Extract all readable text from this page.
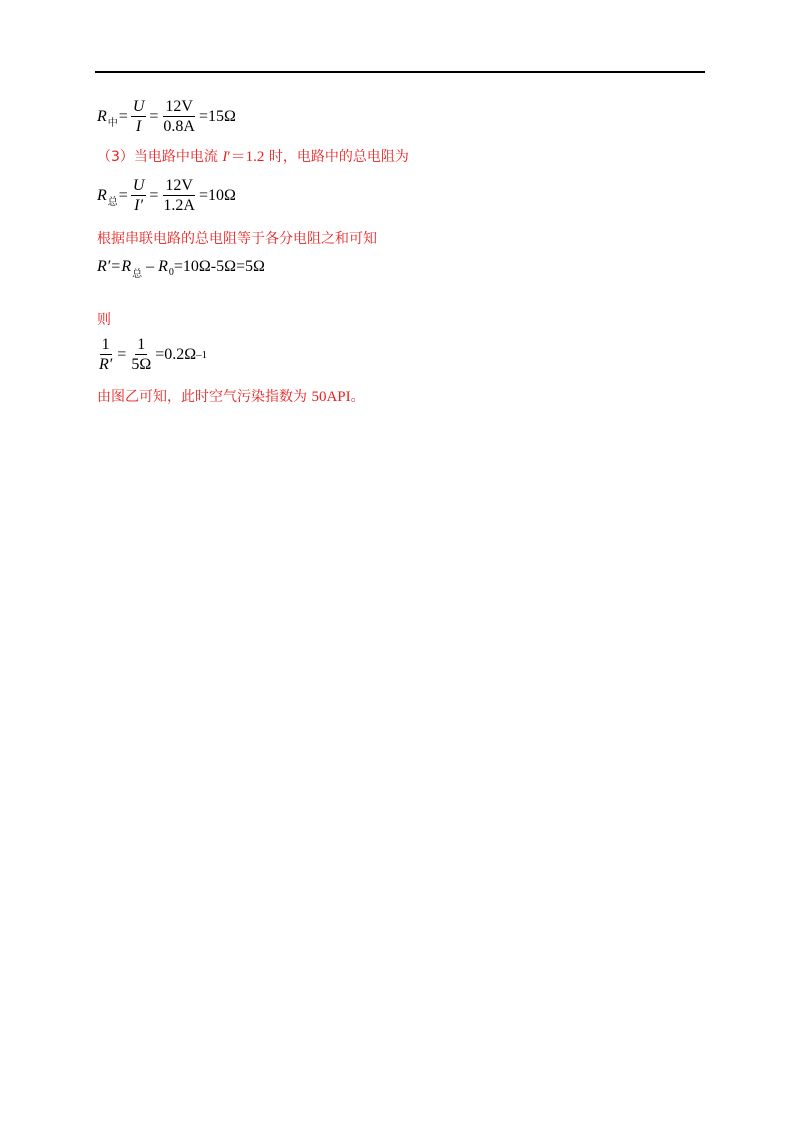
R 中 = $\frac{U}{I} = \frac{12V}{0.8A} =15\Omega$
（3）当电路中电流 I′＝1.2 时，电路中的总电阻为
R 总 = $\frac{U}{I'} = \frac{12V}{1.2A} =10\Omega$
根据串联电路的总电阻等于各分电阻之和可知
R′ = R 总 – R 0 =10Ω-5Ω=5Ω
则
$\frac{1}{R'} = \frac{1}{5\Omega} =0.2\Omega$ –1
由图乙可知，此时空气污染指数为 50API。
